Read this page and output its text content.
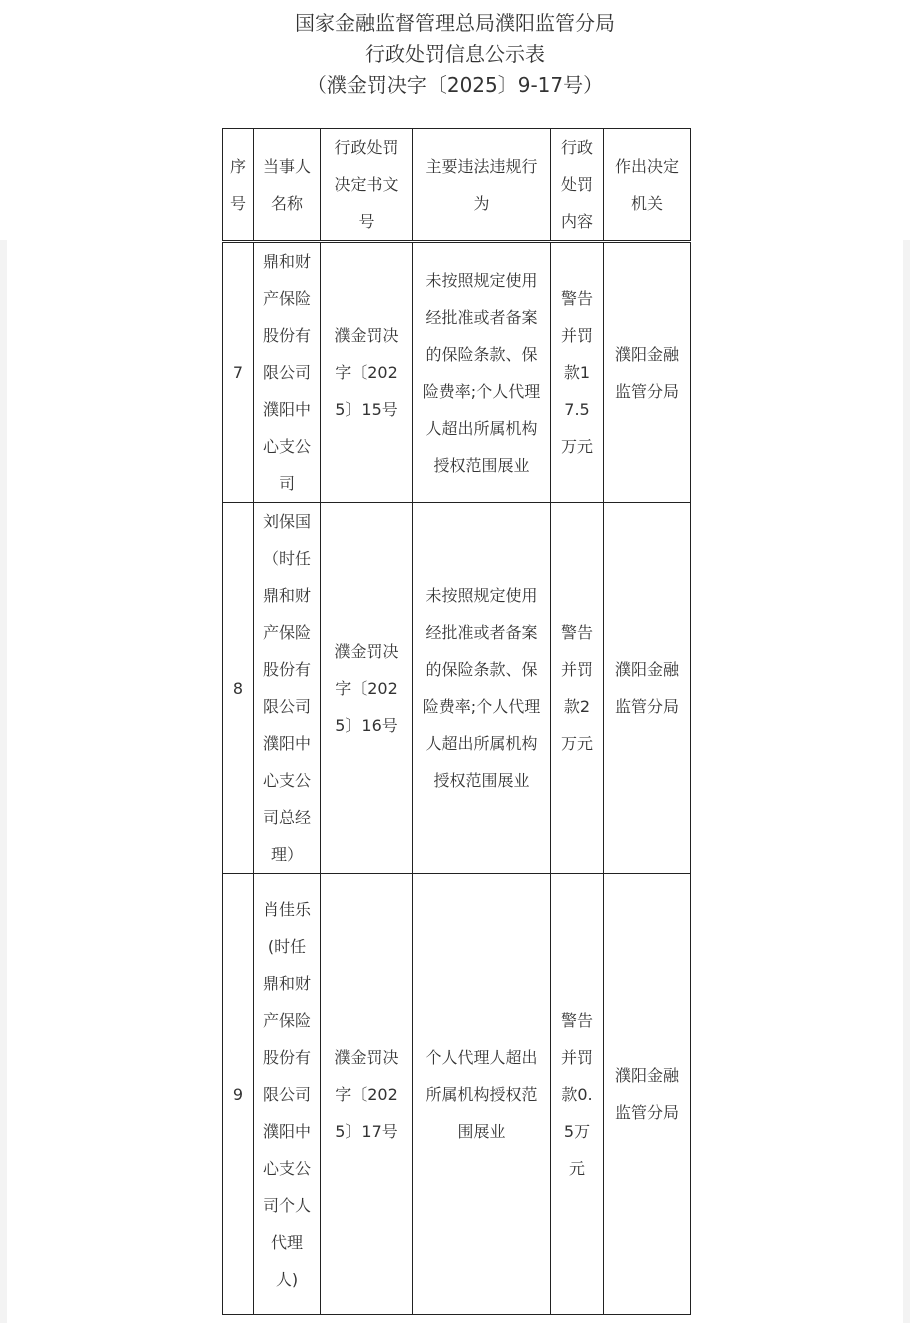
国家金融监督管理总局濮阳监管分局
行政处罚信息公示表
（濮金罚决字〔2025〕9-17号）
序号	当事人名称	行政处罚决定书文号	主要违法违规行为	行政处罚内容	作出决定机关
7	鼎和财产保险股份有限公司濮阳中心支公司	濮金罚决字〔2025〕15号	未按照规定使用经批准或者备案的保险条款、保险费率;个人代理人超出所属机构授权范围展业	警告并罚款17.5万元	濮阳金融监管分局
8	刘保国（时任鼎和财产保险股份有限公司濮阳中心支公司总经理）	濮金罚决字〔2025〕16号	未按照规定使用经批准或者备案的保险条款、保险费率;个人代理人超出所属机构授权范围展业	警告并罚款2万元	濮阳金融监管分局
9	肖佳乐(时任鼎和财产保险股份有限公司濮阳中心支公司个人代理人)	濮金罚决字〔2025〕17号	个人代理人超出所属机构授权范围展业	警告并罚款0.5万元	濮阳金融监管分局
